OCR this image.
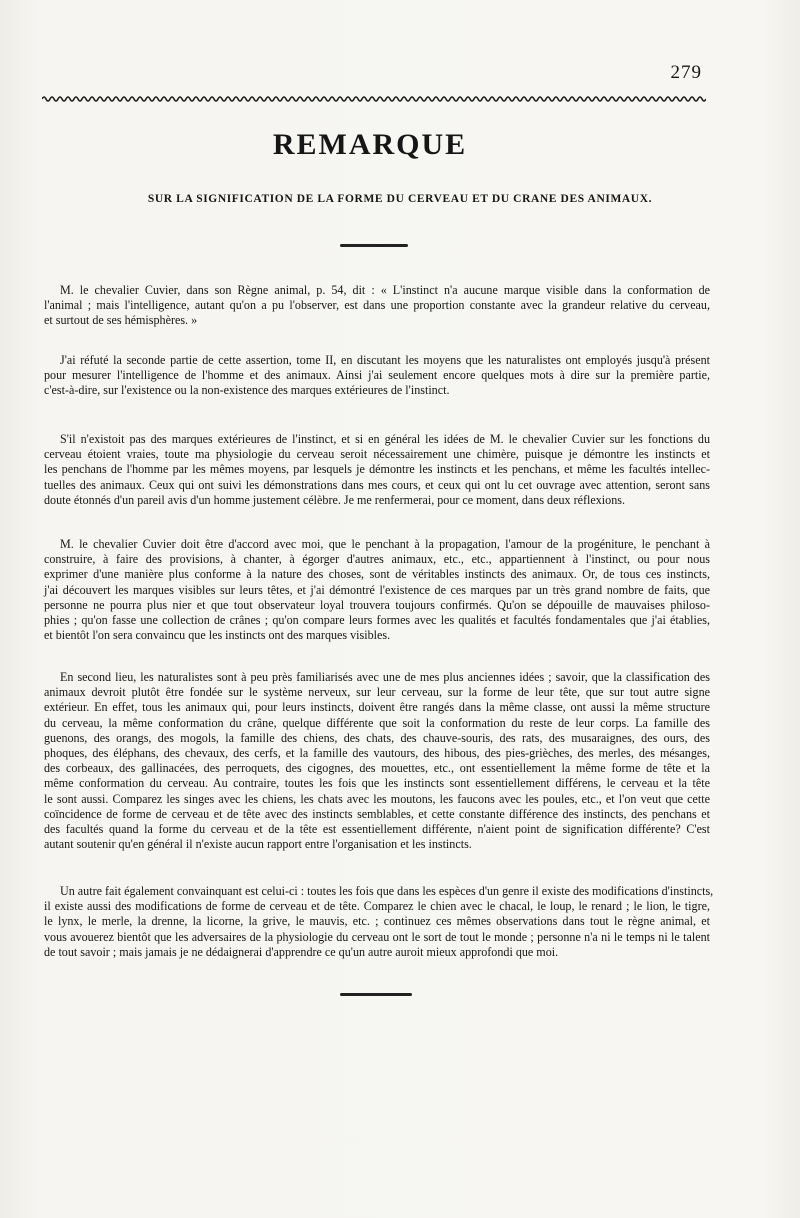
279
REMARQUE
SUR LA SIGNIFICATION DE LA FORME DU CERVEAU ET DU CRANE DES ANIMAUX.
M. le chevalier Cuvier, dans son Règne animal, p. 54, dit : « L'instinct n'a aucune marque visible dans la conformation de
l'animal ; mais l'intelligence, autant qu'on a pu l'observer, est dans une proportion constante avec la grandeur relative du cerveau,
et surtout de ses hémisphères. »
J'ai réfuté la seconde partie de cette assertion, tome II, en discutant les moyens que les naturalistes ont employés jusqu'à présent
pour mesurer l'intelligence de l'homme et des animaux. Ainsi j'ai seulement encore quelques mots à dire sur la première partie,
c'est-à-dire, sur l'existence ou la non-existence des marques extérieures de l'instinct.
S'il n'existoit pas des marques extérieures de l'instinct, et si en général les idées de M. le chevalier Cuvier sur les fonctions du
cerveau étoient vraies, toute ma physiologie du cerveau seroit nécessairement une chimère, puisque je démontre les instincts et
les penchans de l'homme par les mêmes moyens, par lesquels je démontre les instincts et les penchans, et même les facultés intellec-
tuelles des animaux. Ceux qui ont suivi les démonstrations dans mes cours, et ceux qui ont lu cet ouvrage avec attention, seront sans
doute étonnés d'un pareil avis d'un homme justement célèbre. Je me renfermerai, pour ce moment, dans deux réflexions.
M. le chevalier Cuvier doit être d'accord avec moi, que le penchant à la propagation, l'amour de la progéniture, le penchant à
construire, à faire des provisions, à chanter, à égorger d'autres animaux, etc., etc., appartiennent à l'instinct, ou pour nous
exprimer d'une manière plus conforme à la nature des choses, sont de véritables instincts des animaux. Or, de tous ces instincts,
j'ai découvert les marques visibles sur leurs têtes, et j'ai démontré l'existence de ces marques par un très grand nombre de faits, que
personne ne pourra plus nier et que tout observateur loyal trouvera toujours confirmés. Qu'on se dépouille de mauvaises philoso-
phies ; qu'on fasse une collection de crânes ; qu'on compare leurs formes avec les qualités et facultés fondamentales que j'ai établies,
et bientôt l'on sera convaincu que les instincts ont des marques visibles.
En second lieu, les naturalistes sont à peu près familiarisés avec une de mes plus anciennes idées ; savoir, que la classification des
animaux devroit plutôt être fondée sur le système nerveux, sur leur cerveau, sur la forme de leur tête, que sur tout autre signe
extérieur. En effet, tous les animaux qui, pour leurs instincts, doivent être rangés dans la même classe, ont aussi la même structure
du cerveau, la même conformation du crâne, quelque différente que soit la conformation du reste de leur corps. La famille des
guenons, des orangs, des mogols, la famille des chiens, des chats, des chauve-souris, des rats, des musaraignes, des ours, des
phoques, des éléphans, des chevaux, des cerfs, et la famille des vautours, des hibous, des pies-grièches, des merles, des mésanges,
des corbeaux, des gallinacées, des perroquets, des cigognes, des mouettes, etc., ont essentiellement la même forme de tête et la
même conformation du cerveau. Au contraire, toutes les fois que les instincts sont essentiellement différens, le cerveau et la tête
le sont aussi. Comparez les singes avec les chiens, les chats avec les moutons, les faucons avec les poules, etc., et l'on veut que cette
coïncidence de forme de cerveau et de tête avec des instincts semblables, et cette constante différence des instincts, des penchans et
des facultés quand la forme du cerveau et de la tête est essentiellement différente, n'aient point de signification différente? C'est
autant soutenir qu'en général il n'existe aucun rapport entre l'organisation et les instincts.
Un autre fait également convainquant est celui-ci : toutes les fois que dans les espèces d'un genre il existe des modifications d'instincts,
il existe aussi des modifications de forme de cerveau et de tête. Comparez le chien avec le chacal, le loup, le renard ; le lion, le tigre,
le lynx, le merle, la drenne, la licorne, la grive, le mauvis, etc. ; continuez ces mêmes observations dans tout le règne animal, et
vous avouerez bientôt que les adversaires de la physiologie du cerveau ont le sort de tout le monde ; personne n'a ni le temps ni le talent
de tout savoir ; mais jamais je ne dédaignerai d'apprendre ce qu'un autre auroit mieux approfondi que moi.
